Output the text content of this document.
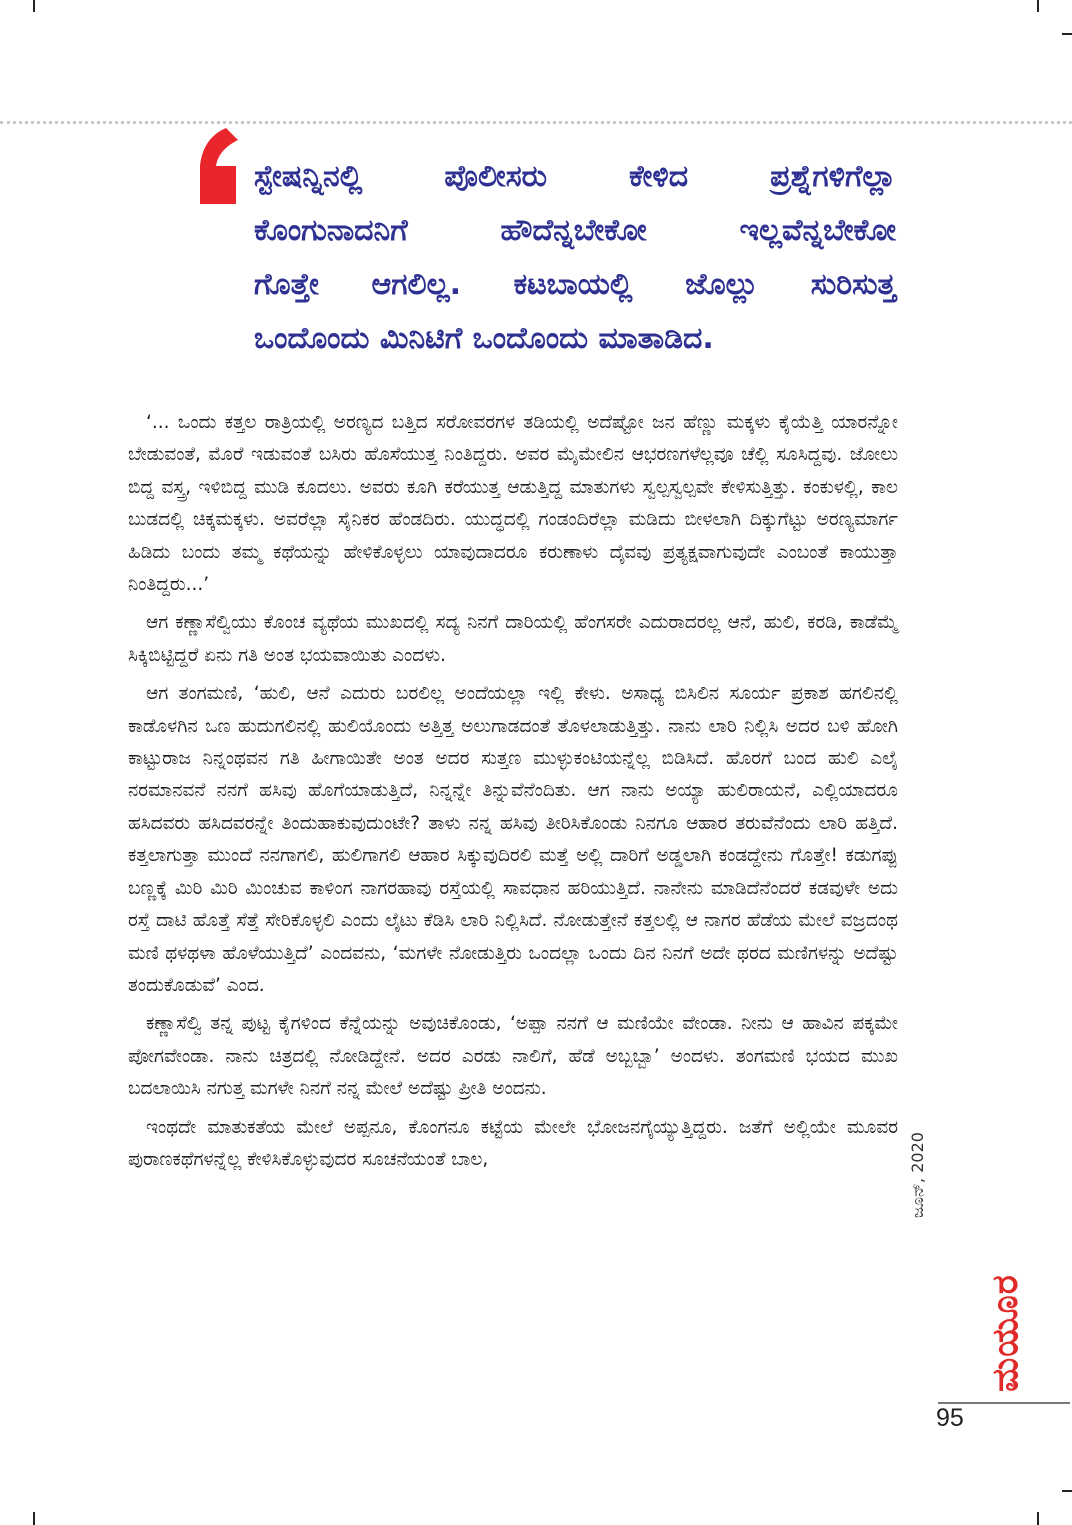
ಸ್ಟೇಷನ್ನಿನಲ್ಲಿ ಪೊಲೀಸರು ಕೇಳಿದ ಪ್ರಶ್ನೆಗಳಿಗೆಲ್ಲಾ
ಕೊಂಗುನಾದನಿಗೆ ಹೌದೆನ್ನಬೇಕೋ ಇಲ್ಲವೆನ್ನಬೇಕೋ
ಗೊತ್ತೇ ಆಗಲಿಲ್ಲ. ಕಟಬಾಯಲ್ಲಿ ಜೊಲ್ಲು ಸುರಿಸುತ್ತ
ಒಂದೊಂದು ಮಿನಿಟಿಗೆ ಒಂದೊಂದು ಮಾತಾಡಿದ.

‘... ಒಂದು ಕತ್ತಲ ರಾತ್ರಿಯಲ್ಲಿ ಅರಣ್ಯದ ಬತ್ತಿದ ಸರೋವರಗಳ ತಡಿಯಲ್ಲಿ ಅದೆಷ್ಟೋ ಜನ ಹೆಣ್ಣು ಮಕ್ಕಳು ಕೈಯೆತ್ತಿ ಯಾರನ್ನೋ ಬೇಡುವಂತೆ, ಮೊರೆ ಇಡುವಂತೆ ಬಸಿರು ಹೊಸೆಯುತ್ತ ನಿಂತಿದ್ದರು. ಅವರ ಮೈಮೇಲಿನ ಆಭರಣಗಳೆಲ್ಲವೂ ಚೆಲ್ಲಿ ಸೂಸಿದ್ದವು. ಜೋಲು ಬಿದ್ದ ವಸ್ತ್ರ, ಇಳಿಬಿದ್ದ ಮುಡಿ ಕೂದಲು. ಅವರು ಕೂಗಿ ಕರೆಯುತ್ತ ಆಡುತ್ತಿದ್ದ ಮಾತುಗಳು ಸ್ವಲ್ಪಸ್ವಲ್ಪವೇ ಕೇಳಿಸುತ್ತಿತ್ತು. ಕಂಕುಳಲ್ಲಿ, ಕಾಲ ಬುಡದಲ್ಲಿ ಚಿಕ್ಕಮಕ್ಕಳು. ಅವರೆಲ್ಲಾ ಸೈನಿಕರ ಹೆಂಡದಿರು. ಯುದ್ಧದಲ್ಲಿ ಗಂಡಂದಿರೆಲ್ಲಾ ಮಡಿದು ಬೀಳಲಾಗಿ ದಿಕ್ಕುಗೆಟ್ಟು ಅರಣ್ಯಮಾರ್ಗ ಹಿಡಿದು ಬಂದು ತಮ್ಮ ಕಥೆಯನ್ನು ಹೇಳಿಕೊಳ್ಳಲು ಯಾವುದಾದರೂ ಕರುಣಾಳು ದೈವವು ಪ್ರತ್ಯಕ್ಷವಾಗುವುದೇ ಎಂಬಂತೆ ಕಾಯುತ್ತಾ ನಿಂತಿದ್ದರು...’

ಆಗ ಕಣ್ಣಾಸೆಲ್ವಿಯು ಕೊಂಚ ವ್ಯಥೆಯ ಮುಖದಲ್ಲಿ ಸದ್ಯ ನಿನಗೆ ದಾರಿಯಲ್ಲಿ ಹೆಂಗಸರೇ ಎದುರಾದರಲ್ಲ ಆನೆ, ಹುಲಿ, ಕರಡಿ, ಕಾಡೆಮ್ಮೆ ಸಿಕ್ಕಿಬಿಟ್ಟಿದ್ದರೆ ಏನು ಗತಿ ಅಂತ ಭಯವಾಯಿತು ಎಂದಳು.

ಆಗ ತಂಗಮಣಿ, ‘ಹುಲಿ, ಆನೆ ಎದುರು ಬರಲಿಲ್ಲ ಅಂದೆಯಲ್ಲಾ ಇಲ್ಲಿ ಕೇಳು. ಅಸಾಧ್ಯ ಬಿಸಿಲಿನ ಸೂರ್ಯ ಪ್ರಕಾಶ ಹಗಲಿನಲ್ಲಿ ಕಾಡೊಳಗಿನ ಒಣ ಹುದುಗಲಿನಲ್ಲಿ ಹುಲಿಯೊಂದು ಅತ್ತಿತ್ತ ಅಲುಗಾಡದಂತೆ ತೊಳಲಾಡುತ್ತಿತ್ತು. ನಾನು ಲಾರಿ ನಿಲ್ಲಿಸಿ ಅದರ ಬಳಿ ಹೋಗಿ ಕಾಟ್ಟುರಾಜ ನಿನ್ನಂಥವನ ಗತಿ ಹೀಗಾಯಿತೇ ಅಂತ ಅದರ ಸುತ್ತಣ ಮುಳ್ಳುಕಂಟಿಯನ್ನೆಲ್ಲ ಬಿಡಿಸಿದೆ. ಹೊರಗೆ ಬಂದ ಹುಲಿ ಎಲೈ ನರಮಾನವನೆ ನನಗೆ ಹಸಿವು ಹೊಗೆಯಾಡುತ್ತಿದೆ, ನಿನ್ನನ್ನೇ ತಿನ್ನುವೆನೆಂದಿತು. ಆಗ ನಾನು ಅಯ್ಯಾ ಹುಲಿರಾಯನೆ, ಎಲ್ಲಿಯಾದರೂ ಹಸಿದವರು ಹಸಿದವರನ್ನೇ ತಿಂದುಹಾಕುವುದುಂಟೇ? ತಾಳು ನನ್ನ ಹಸಿವು ತೀರಿಸಿಕೊಂಡು ನಿನಗೂ ಆಹಾರ ತರುವೆನೆಂದು ಲಾರಿ ಹತ್ತಿದೆ. ಕತ್ತಲಾಗುತ್ತಾ ಮುಂದೆ ನನಗಾಗಲಿ, ಹುಲಿಗಾಗಲಿ ಆಹಾರ ಸಿಕ್ಕುವುದಿರಲಿ ಮತ್ತೆ ಅಲ್ಲಿ ದಾರಿಗೆ ಅಡ್ಡಲಾಗಿ ಕಂಡದ್ದೇನು ಗೊತ್ತೇ! ಕಡುಗಪ್ಪು ಬಣ್ಣಕ್ಕೆ ಮಿರಿ ಮಿರಿ ಮಿಂಚುವ ಕಾಳಿಂಗ ನಾಗರಹಾವು ರಸ್ತೆಯಲ್ಲಿ ಸಾವಧಾನ ಹರಿಯುತ್ತಿದೆ. ನಾನೇನು ಮಾಡಿದೆನೆಂದರೆ ಕಡವುಳೇ ಅದು ರಸ್ತೆ ದಾಟಿ ಹೊತ್ತೆ ಸೆತ್ತೆ ಸೇರಿಕೊಳ್ಳಲಿ ಎಂದು ಲೈಟು ಕೆಡಿಸಿ ಲಾರಿ ನಿಲ್ಲಿಸಿದೆ. ನೋಡುತ್ತೇನೆ ಕತ್ತಲಲ್ಲಿ ಆ ನಾಗರ ಹೆಡೆಯ ಮೇಲೆ ವಜ್ರದಂಥ ಮಣಿ ಥಳಥಳಾ ಹೊಳೆಯುತ್ತಿದೆ’ ಎಂದವನು, ‘ಮಗಳೇ ನೋಡುತ್ತಿರು ಒಂದಲ್ಲಾ ಒಂದು ದಿನ ನಿನಗೆ ಅದೇ ಥರದ ಮಣಿಗಳನ್ನು ಅದೆಷ್ಟು ತಂದುಕೊಡುವೆ’ ಎಂದ.

ಕಣ್ಣಾಸೆಲ್ವಿ ತನ್ನ ಪುಟ್ಟ ಕೈಗಳಿಂದ ಕೆನ್ನೆಯನ್ನು ಅವುಚಿಕೊಂಡು, ‘ಅಪ್ಪಾ ನನಗೆ ಆ ಮಣಿಯೇ ವೇಂಡಾ. ನೀನು ಆ ಹಾವಿನ ಪಕ್ಕಮೇ ಪೋಗವೇಂಡಾ. ನಾನು ಚಿತ್ರದಲ್ಲಿ ನೋಡಿದ್ದೇನೆ. ಅದರ ಎರಡು ನಾಲಿಗೆ, ಹೆಡೆ ಅಬ್ಬಬ್ಬಾ’ ಅಂದಳು. ತಂಗಮಣಿ ಭಯದ ಮುಖ ಬದಲಾಯಿಸಿ ನಗುತ್ತ ಮಗಳೇ ನಿನಗೆ ನನ್ನ ಮೇಲೆ ಅದೆಷ್ಟು ಪ್ರೀತಿ ಅಂದನು.

ಇಂಥದೇ ಮಾತುಕತೆಯ ಮೇಲೆ ಅಪ್ಪನೂ, ಕೊಂಗನೂ ಕಟ್ಟೆಯ ಮೇಲೇ ಭೋಜನಗೈಯ್ಯುತ್ತಿದ್ದರು. ಜತೆಗೆ ಅಲ್ಲಿಯೇ ಮೂವರ ಪುರಾಣಕಥೆಗಳನ್ನೆಲ್ಲ ಕೇಳಿಸಿಕೊಳ್ಳುವುದರ ಸೂಚನೆಯಂತೆ ಬಾಲ,	ಜೂನ್, 2020
ಮಯೂರ
95
